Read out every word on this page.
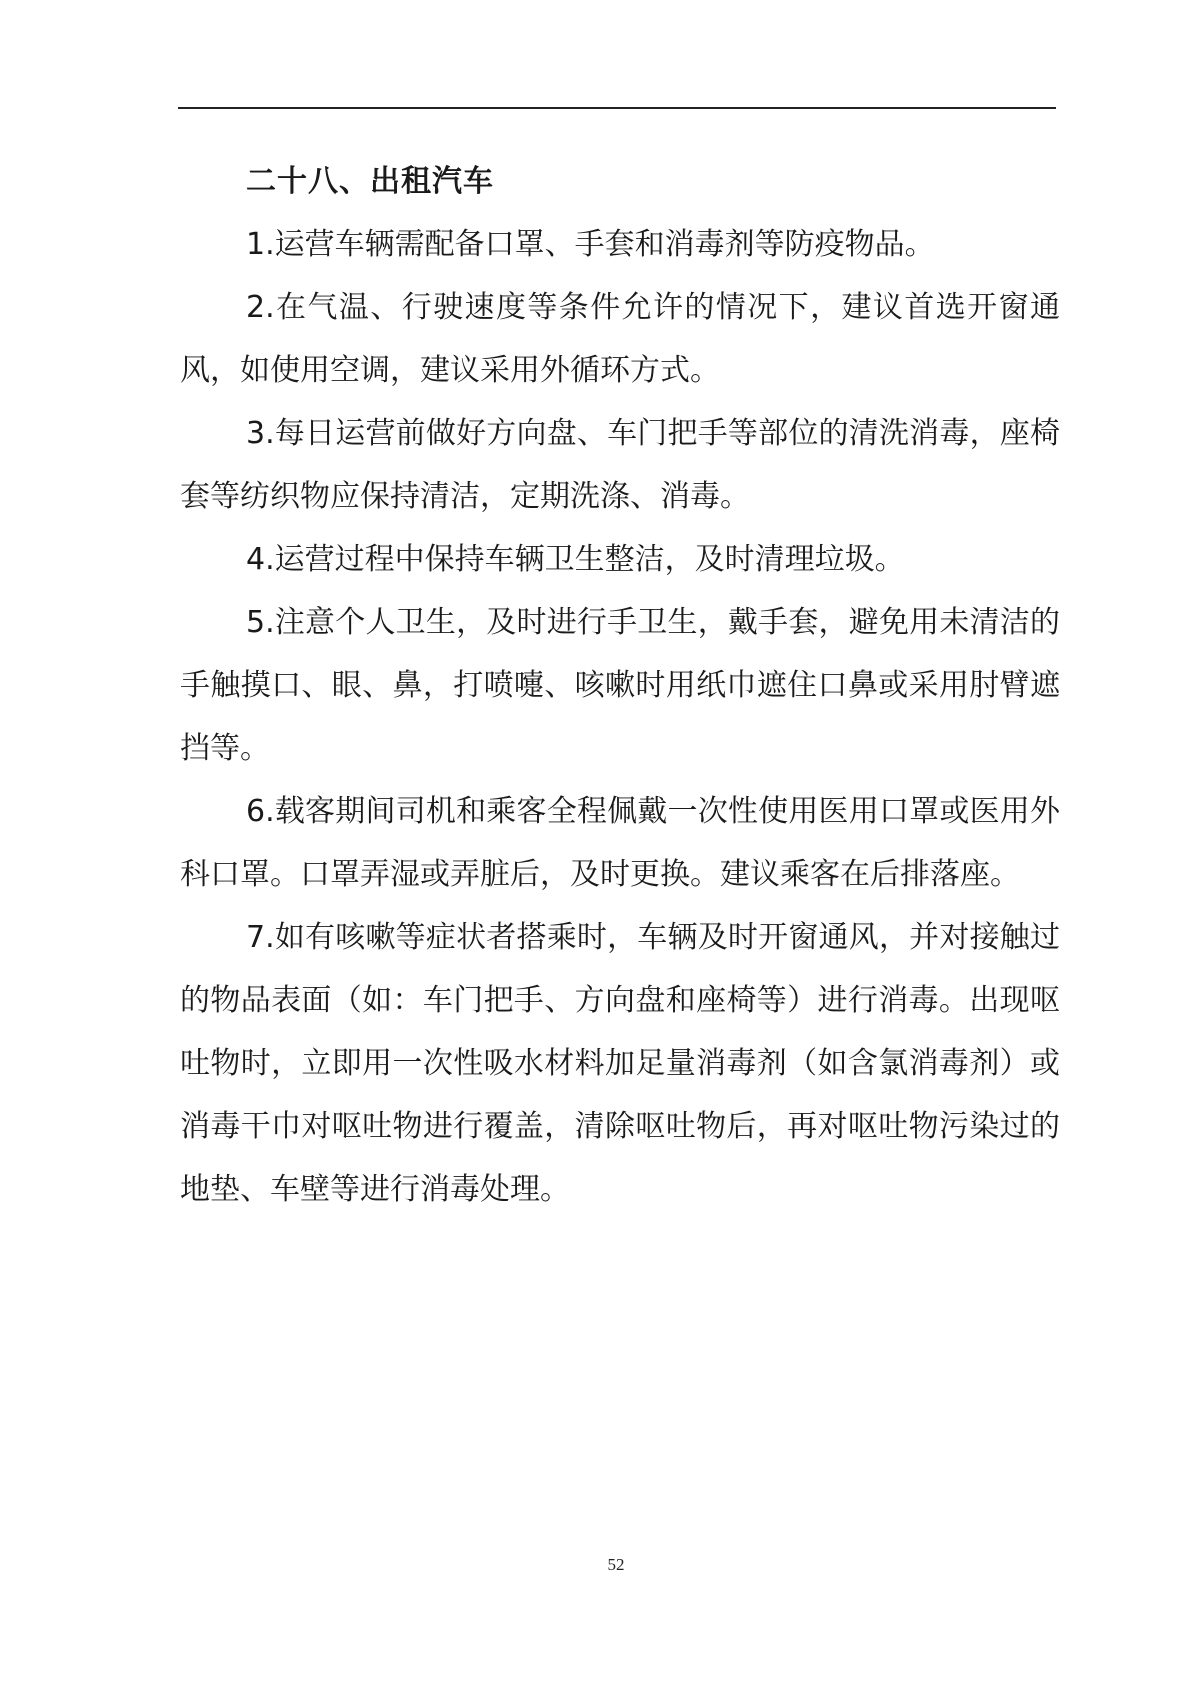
二十八、出租汽车

1.运营车辆需配备口罩、手套和消毒剂等防疫物品。

2.在气温、行驶速度等条件允许的情况下，建议首选开窗通风，如使用空调，建议采用外循环方式。

3.每日运营前做好方向盘、车门把手等部位的清洗消毒，座椅套等纺织物应保持清洁，定期洗涤、消毒。

4.运营过程中保持车辆卫生整洁，及时清理垃圾。

5.注意个人卫生，及时进行手卫生，戴手套，避免用未清洁的手触摸口、眼、鼻，打喷嚏、咳嗽时用纸巾遮住口鼻或采用肘臂遮挡等。

6.载客期间司机和乘客全程佩戴一次性使用医用口罩或医用外科口罩。口罩弄湿或弄脏后，及时更换。建议乘客在后排落座。

7.如有咳嗽等症状者搭乘时，车辆及时开窗通风，并对接触过的物品表面（如：车门把手、方向盘和座椅等）进行消毒。出现呕吐物时，立即用一次性吸水材料加足量消毒剂（如含氯消毒剂）或消毒干巾对呕吐物进行覆盖，清除呕吐物后，再对呕吐物污染过的地垫、车壁等进行消毒处理。

52
